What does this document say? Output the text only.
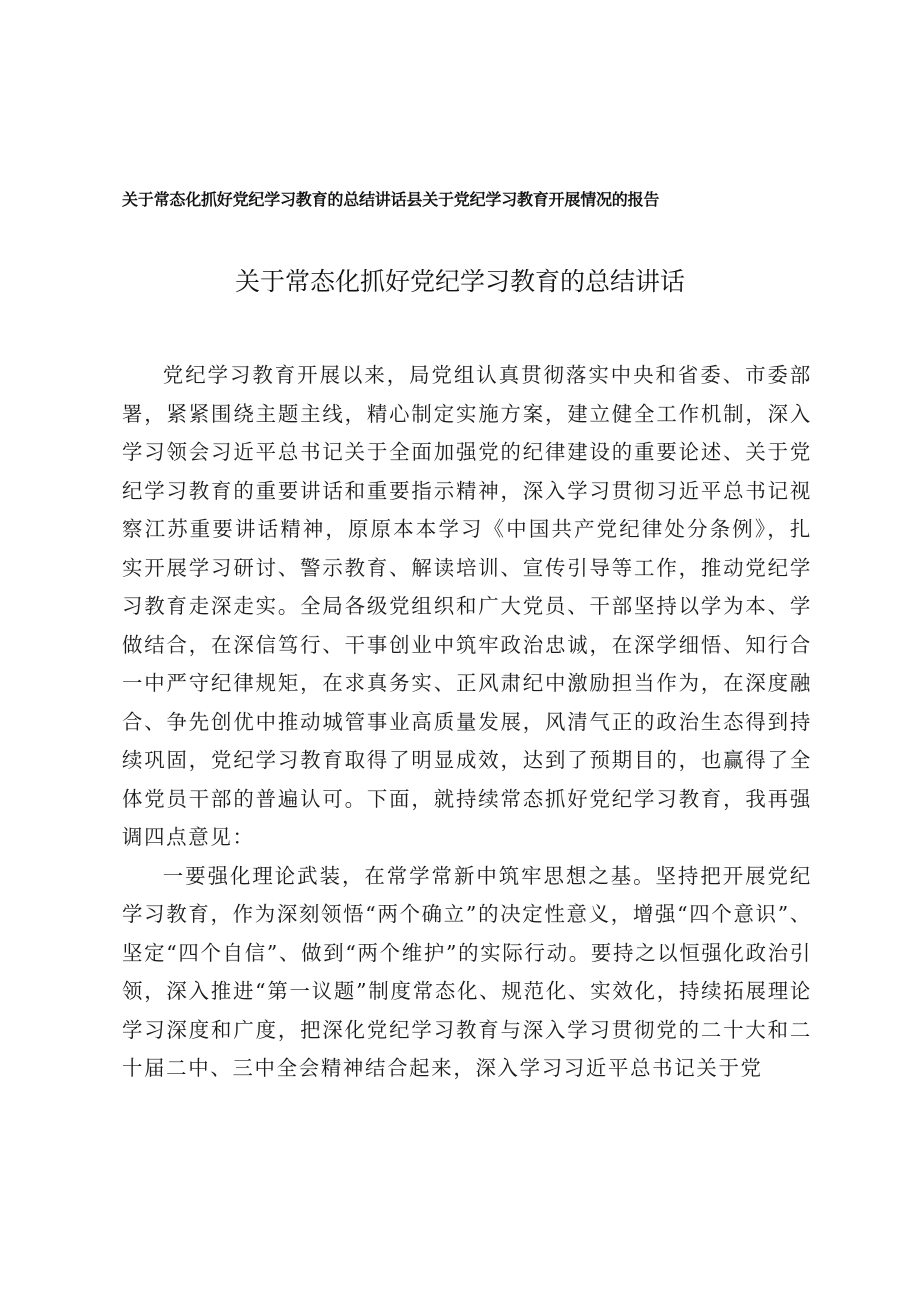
关于常态化抓好党纪学习教育的总结讲话县关于党纪学习教育开展情况的报告
关于常态化抓好党纪学习教育的总结讲话

党纪学习教育开展以来，局党组认真贯彻落实中央和省委、市委部署，紧紧围绕主题主线，精心制定实施方案，建立健全工作机制，深入学习领会习近平总书记关于全面加强党的纪律建设的重要论述、关于党纪学习教育的重要讲话和重要指示精神，深入学习贯彻习近平总书记视察江苏重要讲话精神，原原本本学习《中国共产党纪律处分条例》，扎实开展学习研讨、警示教育、解读培训、宣传引导等工作，推动党纪学习教育走深走实。全局各级党组织和广大党员、干部坚持以学为本、学做结合，在深信笃行、干事创业中筑牢政治忠诚，在深学细悟、知行合一中严守纪律规矩，在求真务实、正风肃纪中激励担当作为，在深度融合、争先创优中推动城管事业高质量发展，风清气正的政治生态得到持续巩固，党纪学习教育取得了明显成效，达到了预期目的，也赢得了全体党员干部的普遍认可。下面，就持续常态抓好党纪学习教育，我再强调四点意见：

一要强化理论武装，在常学常新中筑牢思想之基。坚持把开展党纪学习教育，作为深刻领悟“两个确立”的决定性意义，增强“四个意识”、坚定“四个自信”、做到“两个维护”的实际行动。要持之以恒强化政治引领，深入推进“第一议题”制度常态化、规范化、实效化，持续拓展理论学习深度和广度，把深化党纪学习教育与深入学习贯彻党的二十大和二十届二中、三中全会精神结合起来，深入学习习近平总书记关于党
